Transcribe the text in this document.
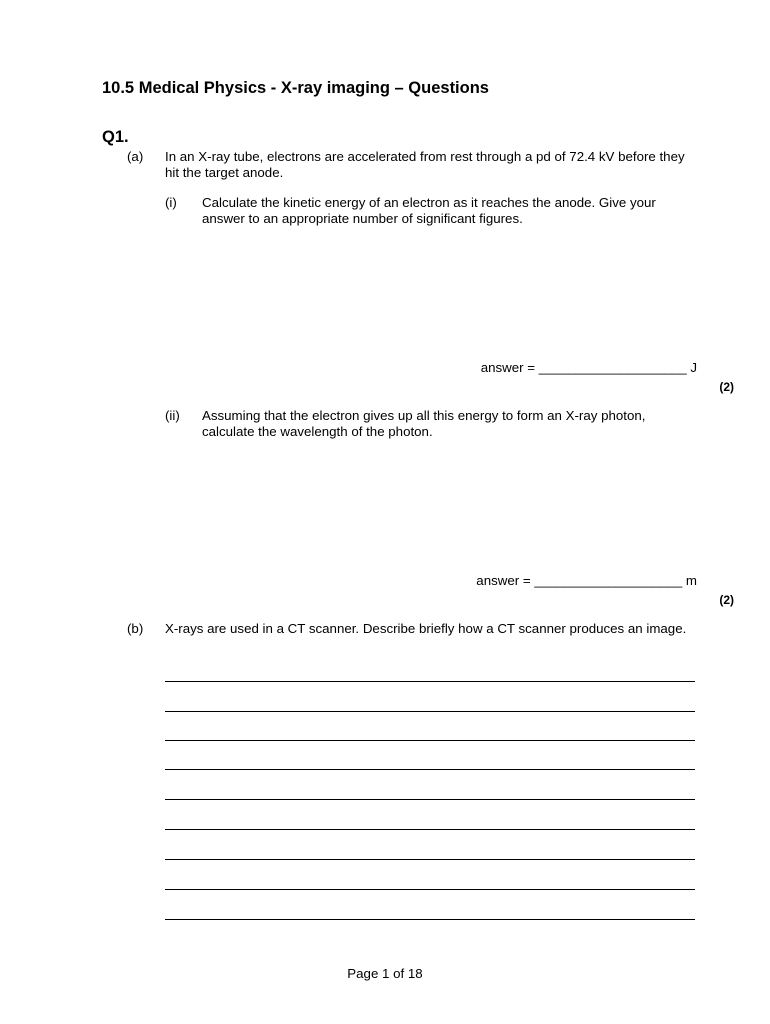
10.5 Medical Physics - X-ray imaging – Questions
Q1.
(a) In an X-ray tube, electrons are accelerated from rest through a pd of 72.4 kV before they hit the target anode.
(i) Calculate the kinetic energy of an electron as it reaches the anode. Give your answer to an appropriate number of significant figures.
answer = ____________________ J
(2)
(ii) Assuming that the electron gives up all this energy to form an X-ray photon, calculate the wavelength of the photon.
answer = ____________________ m
(2)
(b) X-rays are used in a CT scanner. Describe briefly how a CT scanner produces an image.
Page 1 of 18
